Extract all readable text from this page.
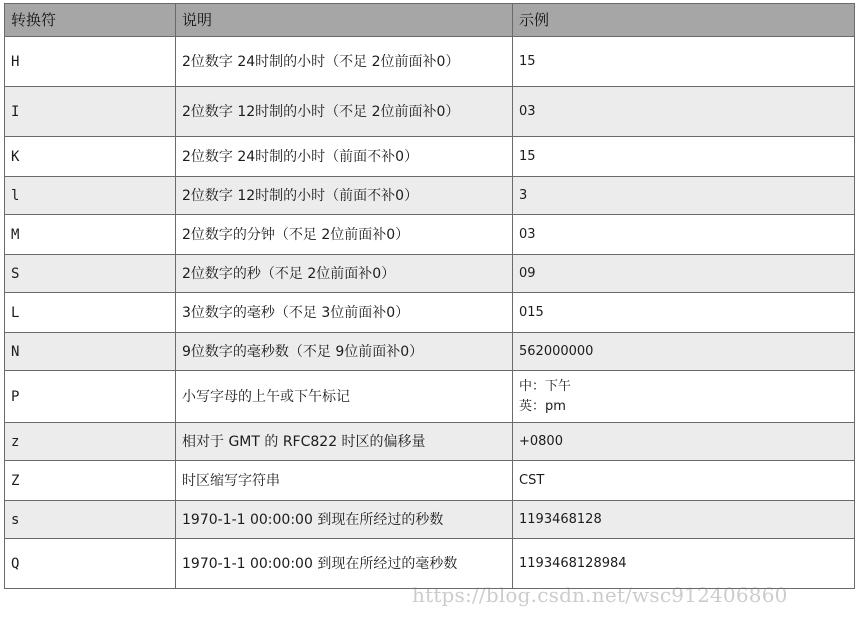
转换符	说明	示例
H	2位数字 24时制的小时（不足 2位前面补0）	15
I	2位数字 12时制的小时（不足 2位前面补0）	03
K	2位数字 24时制的小时（前面不补0）	15
l	2位数字 12时制的小时（前面不补0）	3
M	2位数字的分钟（不足 2位前面补0）	03
S	2位数字的秒（不足 2位前面补0）	09
L	3位数字的毫秒（不足 3位前面补0）	015
N	9位数字的毫秒数（不足 9位前面补0）	562000000
P	小写字母的上午或下午标记	中：下午
英：pm
z	相对于 GMT 的 RFC822 时区的偏移量	+0800
Z	时区缩写字符串	CST
s	1970-1-1 00:00:00 到现在所经过的秒数	1193468128
Q	1970-1-1 00:00:00 到现在所经过的毫秒数	1193468128984
https://blog.csdn.net/wsc912406860
